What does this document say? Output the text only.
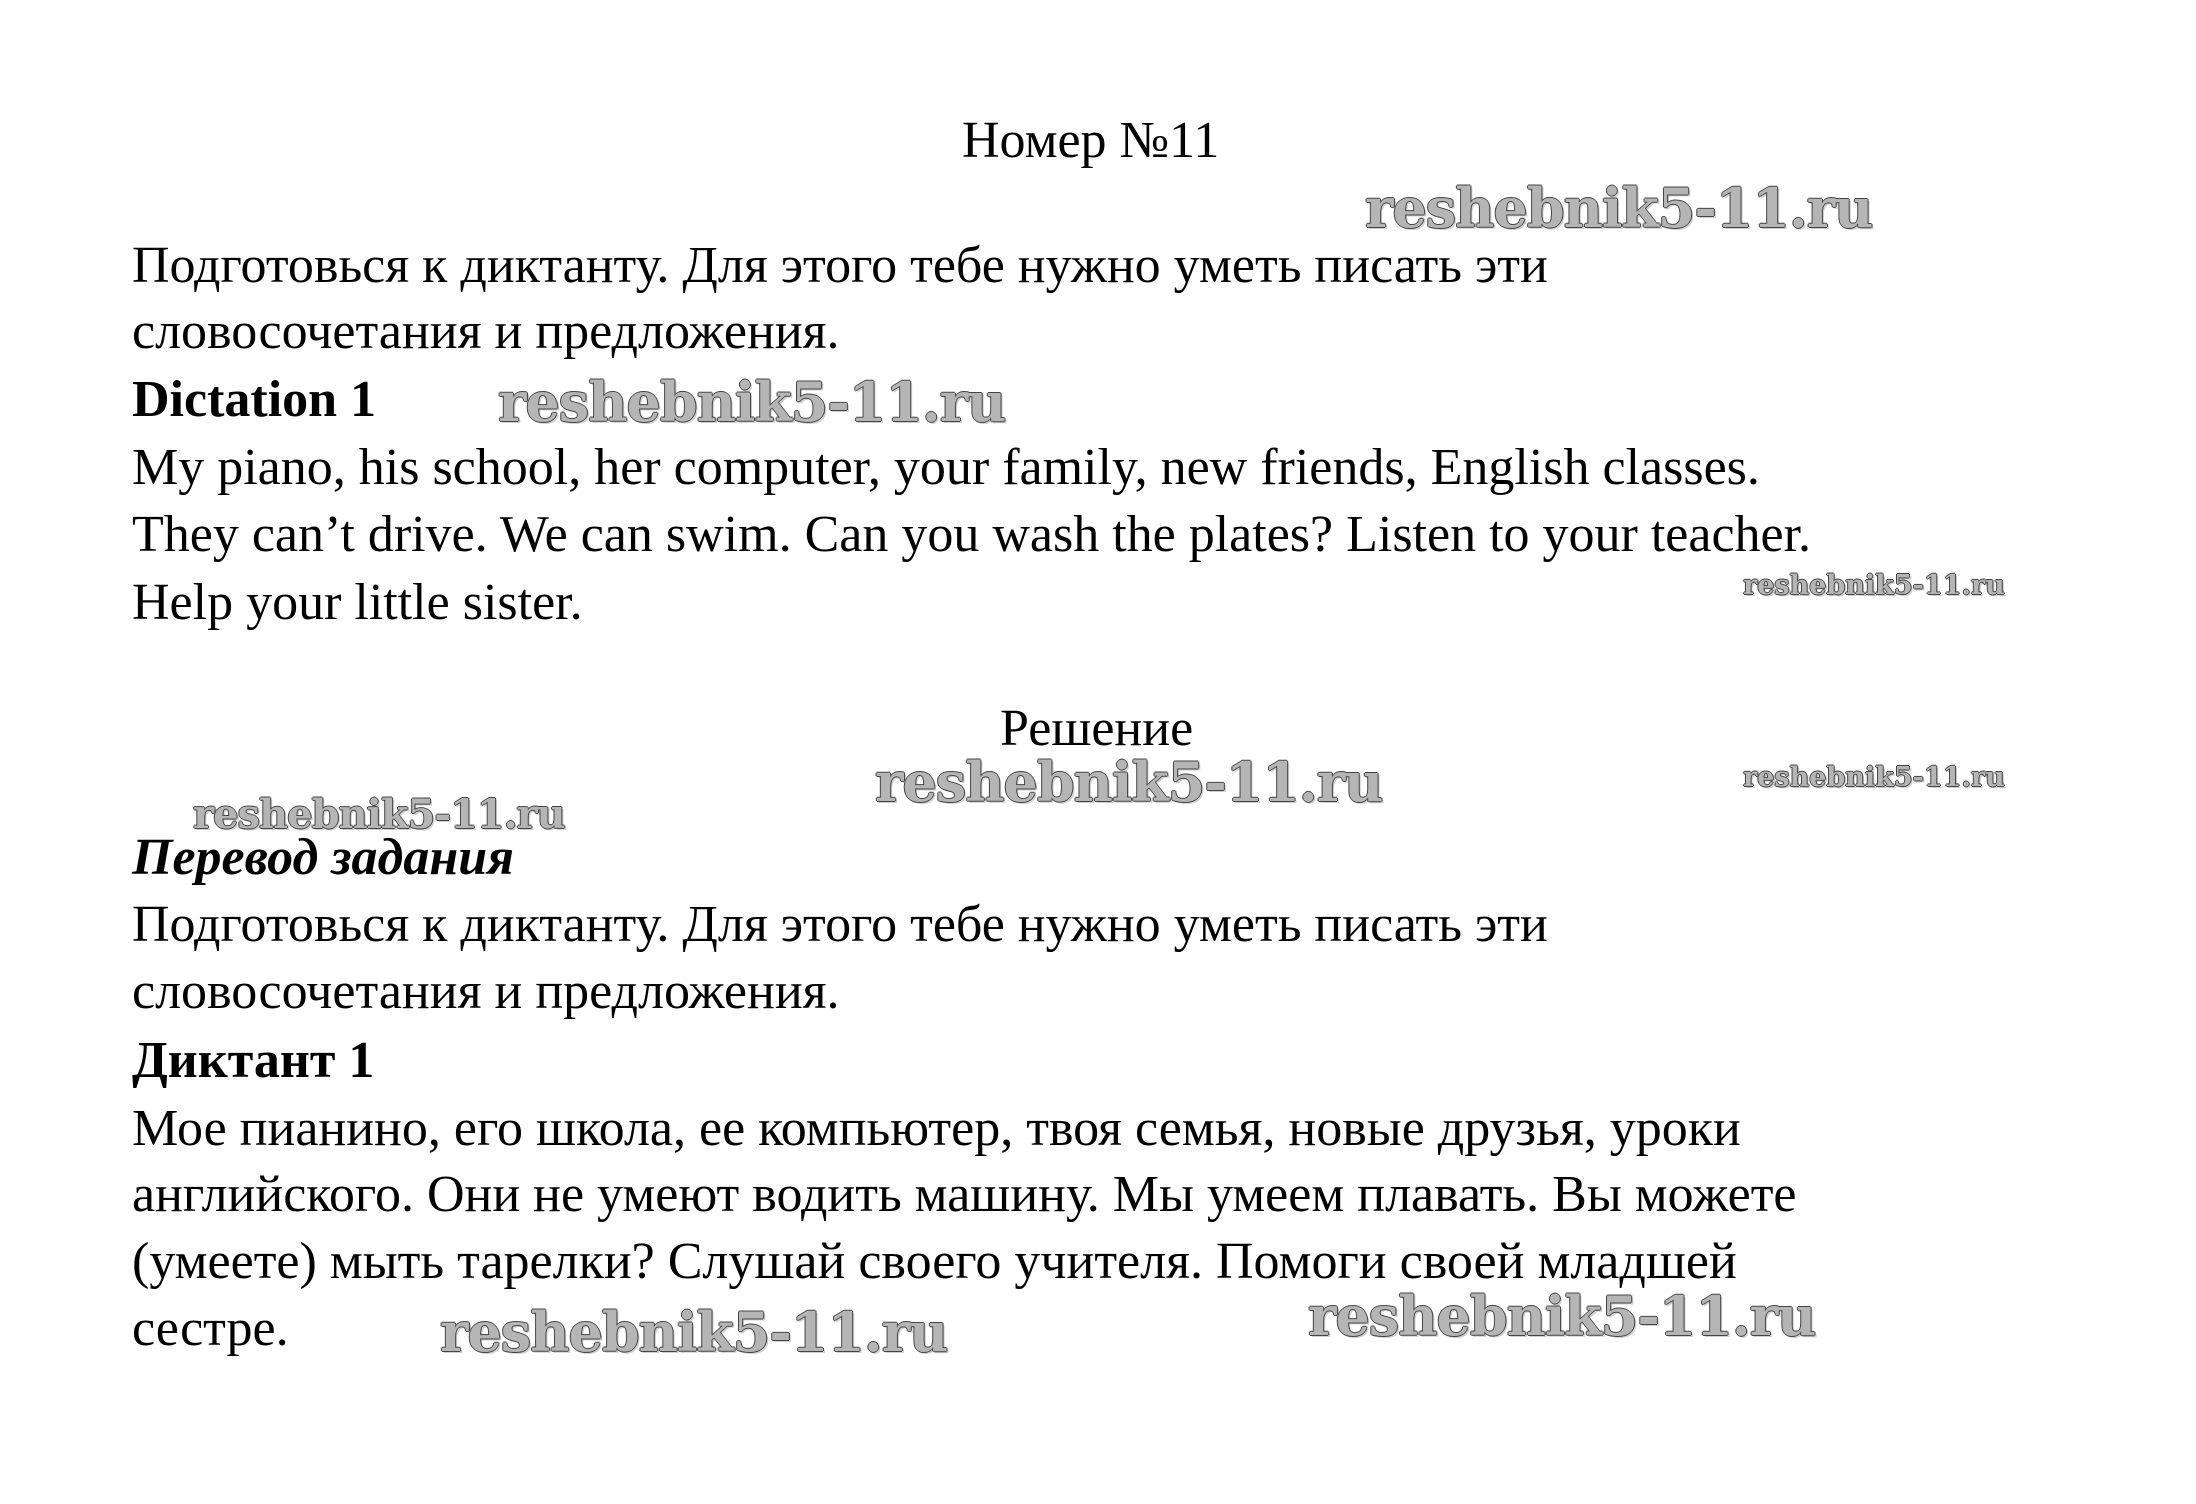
Номер №11
Подготовься к диктанту. Для этого тебе нужно уметь писать эти
словосочетания и предложения.
Dictation 1
My piano, his school, her computer, your family, new friends, English classes.
They can’t drive. We can swim. Can you wash the plates? Listen to your teacher.
Help your little sister.
Решение
Перевод задания
Подготовься к диктанту. Для этого тебе нужно уметь писать эти
словосочетания и предложения.
Диктант 1
Мое пианино, его школа, ее компьютер, твоя семья, новые друзья, уроки
английского. Они не умеют водить машину. Мы умеем плавать. Вы можете
(умеете) мыть тарелки? Слушай своего учителя. Помоги своей младшей
сестре.
reshebnik5-11.ru
reshebnik5-11.ru
reshebnik5-11.ru
reshebnik5-11.ru	reshebnik5-11.ru
reshebnik5-11.ru
reshebnik5-11.ru
reshebnik5-11.ru
